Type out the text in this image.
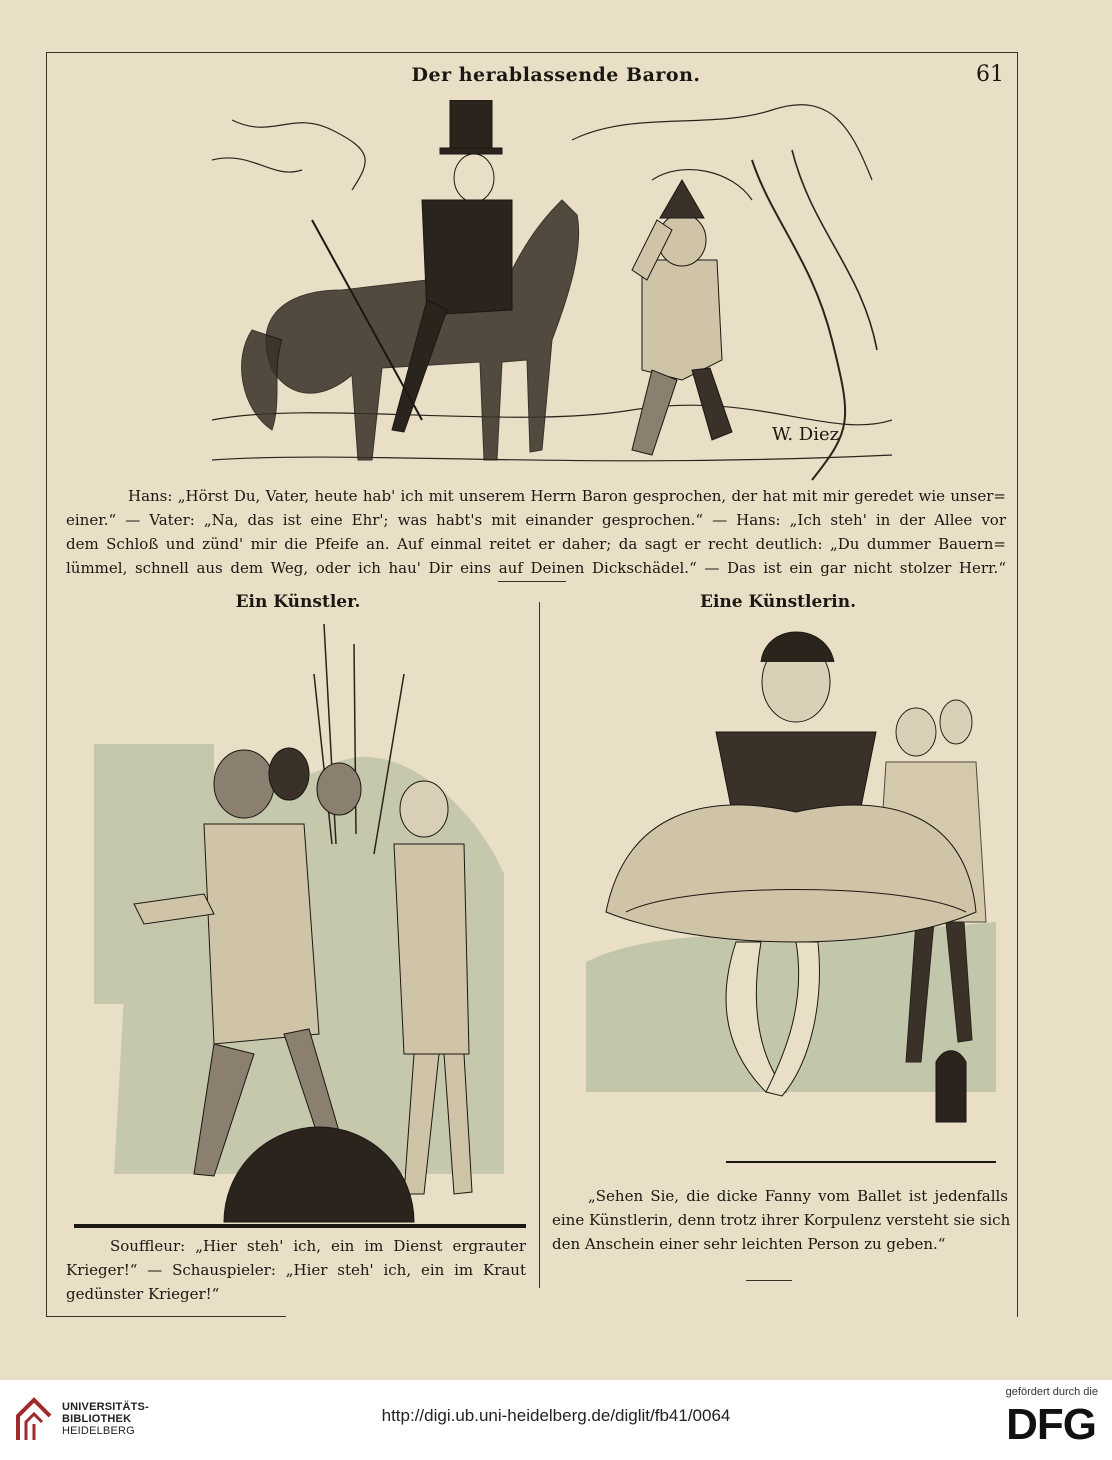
Der herablassende Baron.	61
W. Diez
Hans: „Hörst Du, Vater, heute hab' ich mit unserem Herrn Baron gesprochen, der hat mit mir geredet wie unser=
einer.“ — Vater: „Na, das ist eine Ehr'; was habt's mit einander gesprochen.“ — Hans: „Ich steh' in der Allee vor
dem Schloß und zünd' mir die Pfeife an. Auf einmal reitet er daher; da sagt er recht deutlich: „Du dummer Bauern=
lümmel, schnell aus dem Weg, oder ich hau' Dir eins auf Deinen Dickschädel.“ — Das ist ein gar nicht stolzer Herr.“
Ein Künstler.
Souffleur: „Hier steh' ich, ein im Dienst ergrauter
Krieger!“ — Schauspieler: „Hier steh' ich, ein im Kraut
gedünster Krieger!“
Eine Künstlerin.
„Sehen Sie, die dicke Fanny vom Ballet ist jedenfalls
eine Künstlerin, denn trotz ihrer Korpulenz versteht sie sich
den Anschein einer sehr leichten Person zu geben.“
UNIVERSITÄTS-
BIBLIOTHEK
HEIDELBERG
http://digi.ub.uni-heidelberg.de/diglit/fb41/0064
gefördert durch die
DFG
